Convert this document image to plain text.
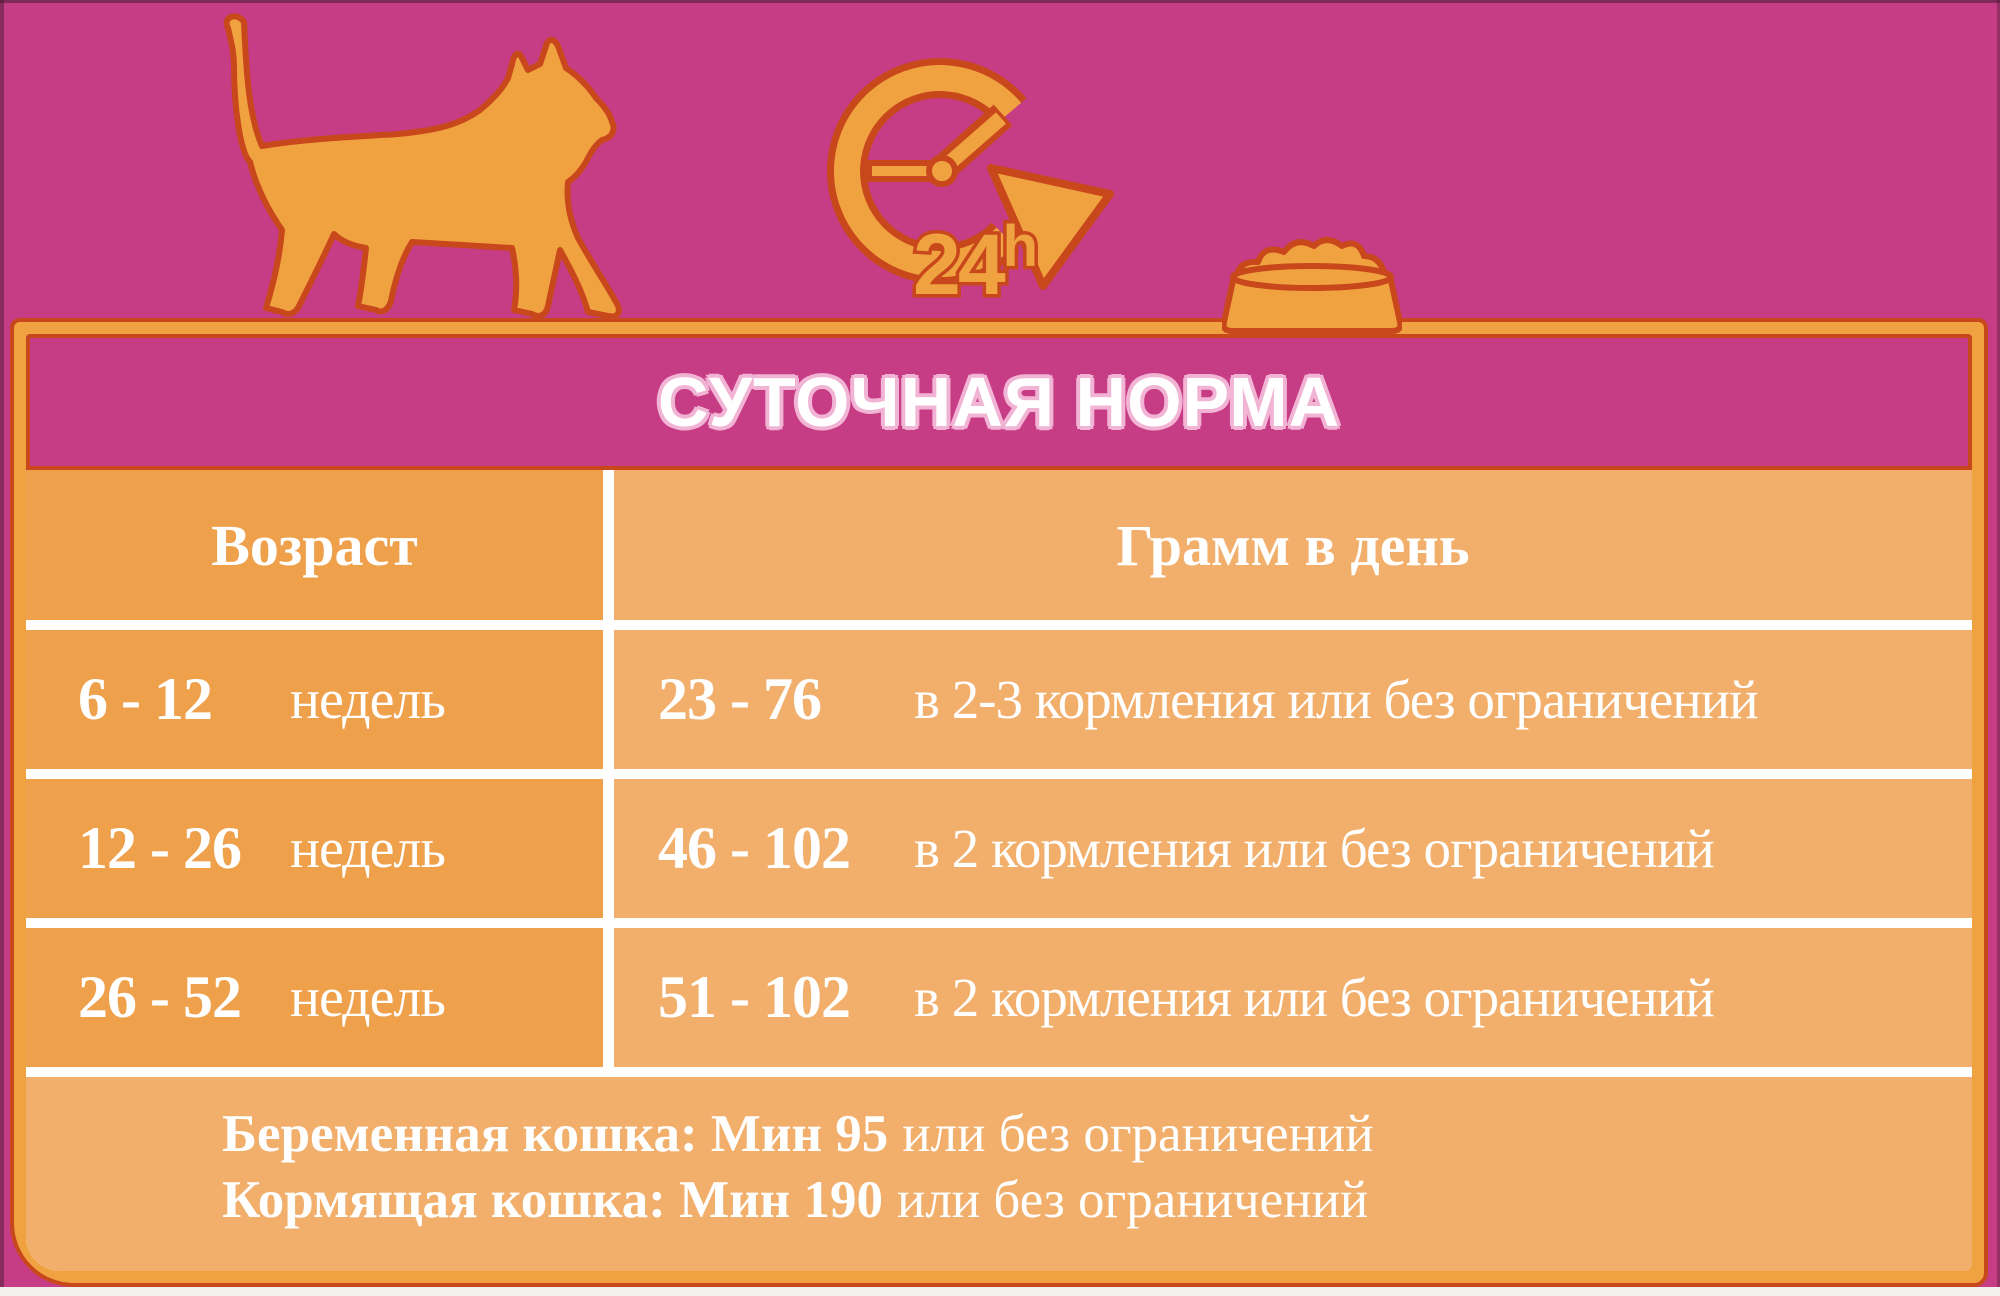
24$^h$
СУТОЧНАЯ НОРМА
Возраст	Грамм в день
6 - 12	недель	23 - 76	в 2-3 кормления или без ограничений
12 - 26 недель	46 - 102	в 2 кормления или без ограничений
26 - 52 недель	51 - 102	в 2 кормления или без ограничений
Беременная кошка: Мин 95 или без ограничений
Кормящая кошка: Мин 190 или без ограничений
